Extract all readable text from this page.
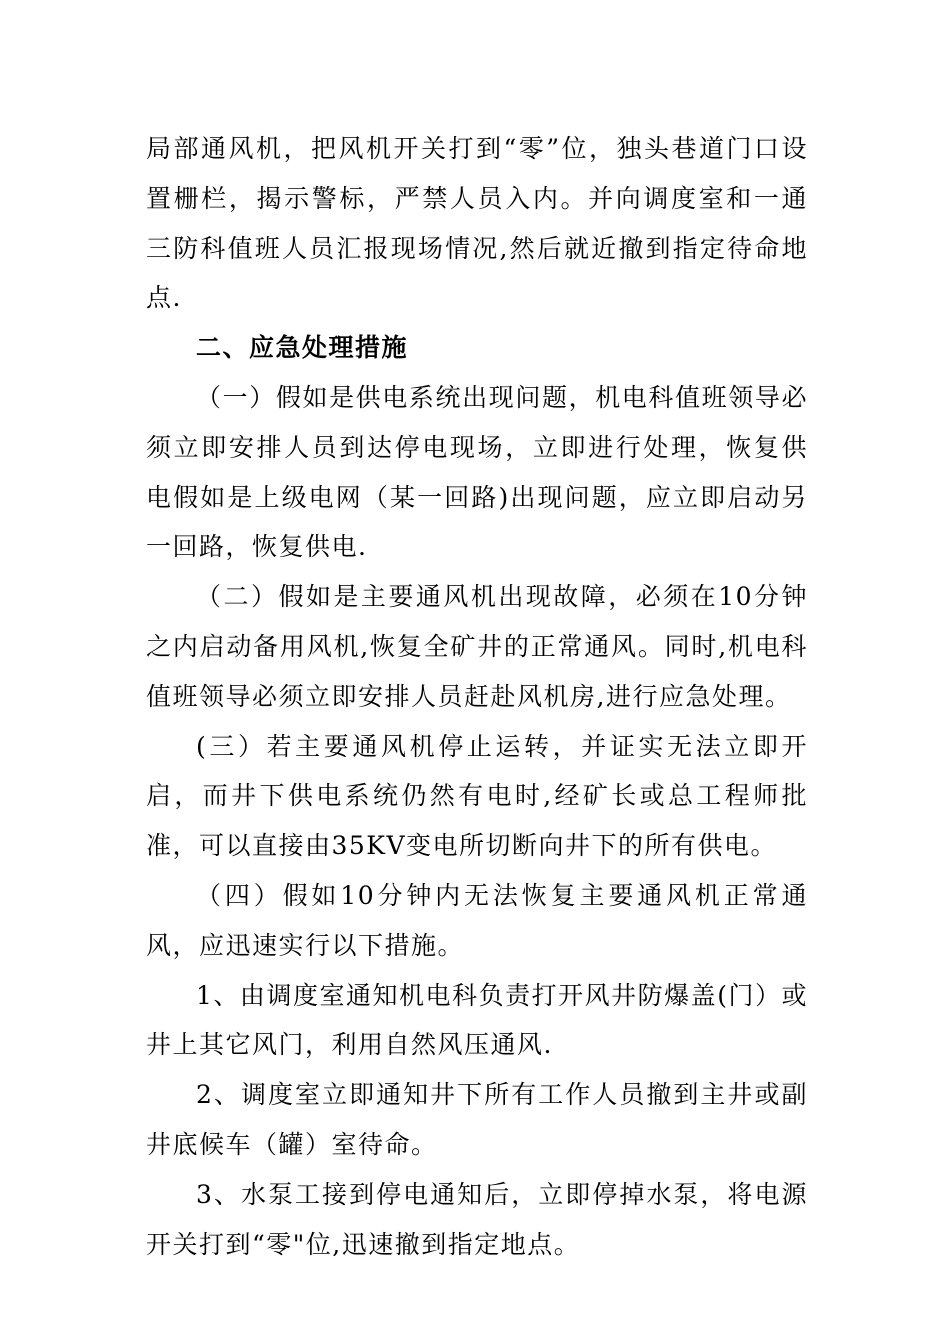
局部通风机，把风机开关打到“零”位，独头巷道门口设置栅栏，揭示警标，严禁人员入内。并向调度室和一通三防科值班人员汇报现场情况,然后就近撤到指定待命地点.

二、应急处理措施

（一）假如是供电系统出现问题，机电科值班领导必须立即安排人员到达停电现场，立即进行处理，恢复供电假如是上级电网（某一回路)出现问题，应立即启动另一回路，恢复供电.

（二）假如是主要通风机出现故障，必须在10分钟之内启动备用风机,恢复全矿井的正常通风。同时,机电科值班领导必须立即安排人员赶赴风机房,进行应急处理。

(三）若主要通风机停止运转，并证实无法立即开启，而井下供电系统仍然有电时,经矿长或总工程师批准，可以直接由35KV变电所切断向井下的所有供电。

（四）假如10分钟内无法恢复主要通风机正常通风，应迅速实行以下措施。

1、由调度室通知机电科负责打开风井防爆盖(门）或井上其它风门，利用自然风压通风.

2、调度室立即通知井下所有工作人员撤到主井或副井底候车（罐）室待命。

3、水泵工接到停电通知后，立即停掉水泵，将电源开关打到“零"位,迅速撤到指定地点。
